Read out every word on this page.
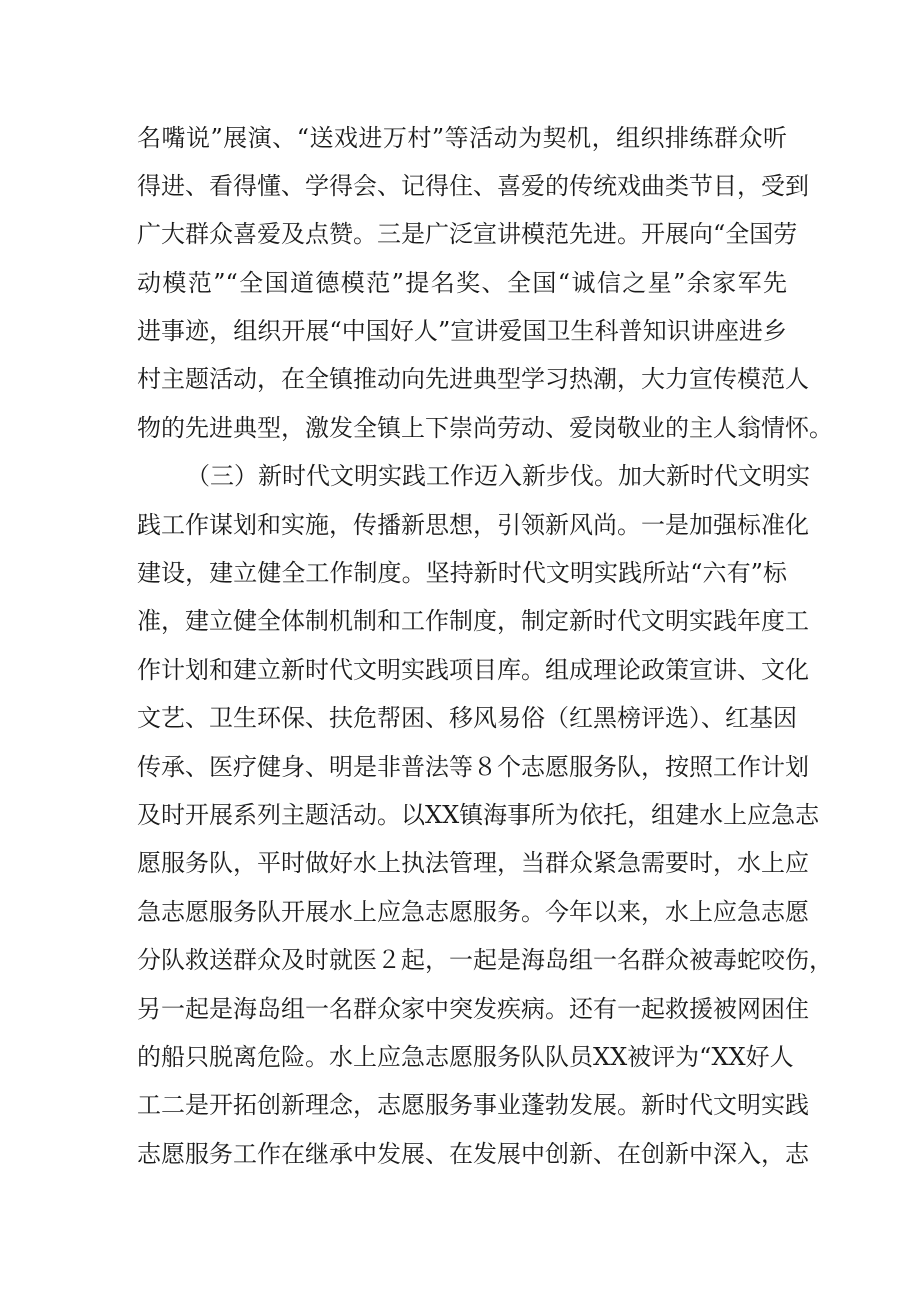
名嘴说”展演、“送戏进万村”等活动为契机，组织排练群众听
得进、看得懂、学得会、记得住、喜爱的传统戏曲类节目，受到
广大群众喜爱及点赞。三是广泛宣讲模范先进。开展向“全国劳
动模范”“全国道德模范”提名奖、全国“诚信之星”余家军先
进事迹，组织开展“中国好人”宣讲爱国卫生科普知识讲座进乡
村主题活动，在全镇推动向先进典型学习热潮，大力宣传模范人
物的先进典型，激发全镇上下崇尚劳动、爱岗敬业的主人翁情怀。
（三）新时代文明实践工作迈入新步伐。加大新时代文明实
践工作谋划和实施，传播新思想，引领新风尚。一是加强标准化
建设，建立健全工作制度。坚持新时代文明实践所站“六有”标
准，建立健全体制机制和工作制度，制定新时代文明实践年度工
作计划和建立新时代文明实践项目库。组成理论政策宣讲、文化
文艺、卫生环保、扶危帮困、移风易俗（红黑榜评选）、红基因
传承、医疗健身、明是非普法等８个志愿服务队，按照工作计划
及时开展系列主题活动。以XX镇海事所为依托，组建水上应急志
愿服务队，平时做好水上执法管理，当群众紧急需要时，水上应
急志愿服务队开展水上应急志愿服务。今年以来，水上应急志愿
分队救送群众及时就医２起，一起是海岛组一名群众被毒蛇咬伤，
另一起是海岛组一名群众家中突发疾病。还有一起救援被网困住
的船只脱离危险。水上应急志愿服务队队员XX被评为“XX好人
工二是开拓创新理念，志愿服务事业蓬勃发展。新时代文明实践
志愿服务工作在继承中发展、在发展中创新、在创新中深入，志
